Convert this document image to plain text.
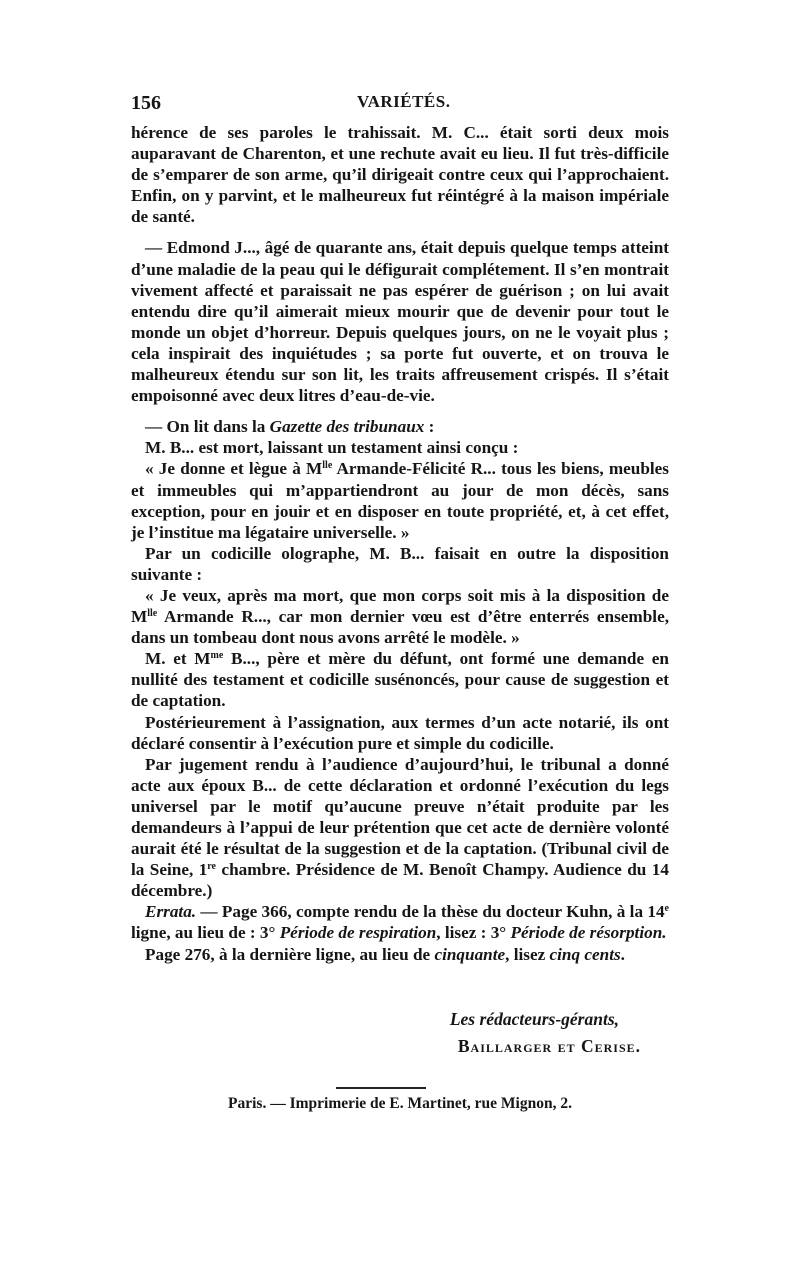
156	VARIÉTÉS.

hérence de ses paroles le trahissait. M. C... était sorti deux mois auparavant de Charenton, et une rechute avait eu lieu. Il fut très-difficile de s’emparer de son arme, qu’il dirigeait contre ceux qui l’approchaient. Enfin, on y parvint, et le malheureux fut réintégré à la maison impériale de santé.

— Edmond J..., âgé de quarante ans, était depuis quelque temps atteint d’une maladie de la peau qui le défigurait complétement. Il s’en montrait vivement affecté et paraissait ne pas espérer de guérison ; on lui avait entendu dire qu’il aimerait mieux mourir que de devenir pour tout le monde un objet d’horreur. Depuis quelques jours, on ne le voyait plus ; cela inspirait des inquiétudes ; sa porte fut ouverte, et on trouva le malheureux étendu sur son lit, les traits affreusement crispés. Il s’était empoisonné avec deux litres d’eau-de-vie.

— On lit dans la Gazette des tribunaux :

M. B... est mort, laissant un testament ainsi conçu :

« Je donne et lègue à $M^{lle}$ Armande-Félicité R... tous les biens, meubles et immeubles qui m’appartiendront au jour de mon décès, sans exception, pour en jouir et en disposer en toute propriété, et, à cet effet, je l’institue ma légataire universelle. »

Par un codicille olographe, M. B... faisait en outre la disposition suivante :

« Je veux, après ma mort, que mon corps soit mis à la disposition de $M^{lle}$ Armande R..., car mon dernier vœu est d’être enterrés ensemble, dans un tombeau dont nous avons arrêté le modèle. »

M. et $M^{me}$ B..., père et mère du défunt, ont formé une demande en nullité des testament et codicille susénoncés, pour cause de suggestion et de captation.

Postérieurement à l’assignation, aux termes d’un acte notarié, ils ont déclaré consentir à l’exécution pure et simple du codicille.

Par jugement rendu à l’audience d’aujourd’hui, le tribunal a donné acte aux époux B... de cette déclaration et ordonné l’exécution du legs universel par le motif qu’aucune preuve n’était produite par les demandeurs à l’appui de leur prétention que cet acte de dernière volonté aurait été le résultat de la suggestion et de la captation. (Tribunal civil de la Seine, 1re chambre. Présidence de M. Benoît Champy. Audience du 14 décembre.)

Errata. — Page 366, compte rendu de la thèse du docteur Kuhn, à la 14e ligne, au lieu de : 3° Période de respiration, lisez : 3° Période de résorption.

Page 276, à la dernière ligne, au lieu de cinquante, lisez cinq cents.

Les rédacteurs-gérants,
Baillarger et Cerise.
Paris. — Imprimerie de E. Martinet, rue Mignon, 2.
